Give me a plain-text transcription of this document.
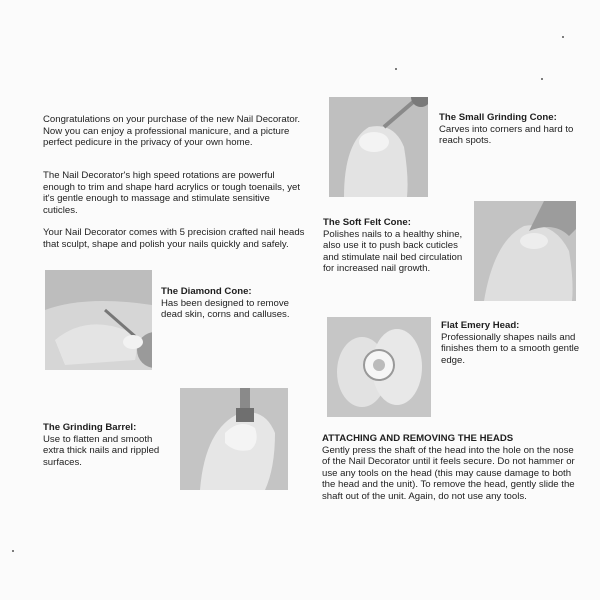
Congratulations on your purchase of the new Nail Decorator. Now you can enjoy a professional manicure, and a picture perfect pedicure in the privacy of your own home.

The Nail Decorator's high speed rotations are powerful enough to trim and shape hard acrylics or tough toenails, yet it's gentle enough to massage and stimulate sensitive cuticles.

Your Nail Decorator comes with 5 precision crafted nail heads that sculpt, shape and polish your nails quickly and safely.

The Diamond Cone:
Has been designed to remove dead skin, corns and calluses.

The Grinding Barrel:
Use to flatten and smooth extra thick nails and rippled surfaces.

The Small Grinding Cone:
Carves into corners and hard to reach spots.

The Soft Felt Cone:
Polishes nails to a healthy shine, also use it to push back cuticles and stimulate nail bed circulation for increased nail growth.

Flat Emery Head:
Professionally shapes nails and finishes them to a smooth gentle edge.

ATTACHING AND REMOVING THE HEADS
Gently press the shaft of the head into the hole on the nose of the Nail Decorator until it feels secure. Do not hammer or use any tools on the head (this may cause damage to both the head and the unit). To remove the head, gently slide the shaft out of the unit. Again, do not use any tools.
